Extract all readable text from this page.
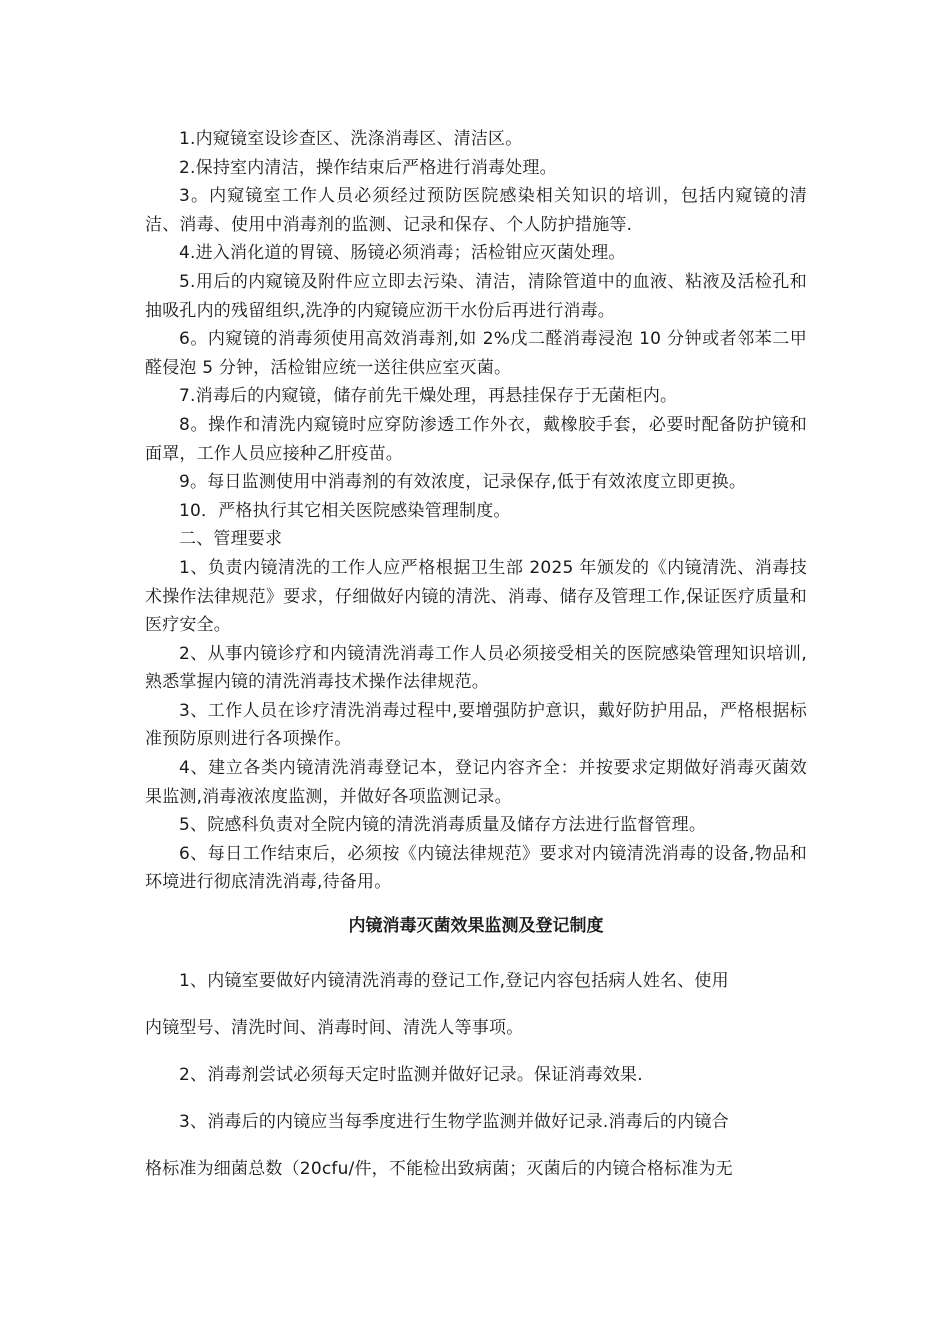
1.内窥镜室设诊查区、洗涤消毒区、清洁区。

2.保持室内清洁，操作结束后严格进行消毒处理。

3。内窥镜室工作人员必须经过预防医院感染相关知识的培训，包括内窥镜的清洁、消毒、使用中消毒剂的监测、记录和保存、个人防护措施等.

4.进入消化道的胃镜、肠镜必须消毒；活检钳应灭菌处理。

5.用后的内窥镜及附件应立即去污染、清洁，清除管道中的血液、粘液及活检孔和抽吸孔内的残留组织,洗净的内窥镜应沥干水份后再进行消毒。

6。内窥镜的消毒须使用高效消毒剂,如 2%戊二醛消毒浸泡 10 分钟或者邻苯二甲醛侵泡 5 分钟，活检钳应统一送往供应室灭菌。

7.消毒后的内窥镜，储存前先干燥处理，再悬挂保存于无菌柜内。

8。操作和清洗内窥镜时应穿防渗透工作外衣，戴橡胶手套，必要时配备防护镜和面罩，工作人员应接种乙肝疫苗。

9。每日监测使用中消毒剂的有效浓度，记录保存,低于有效浓度立即更换。

10．严格执行其它相关医院感染管理制度。

二、管理要求

1、负责内镜清洗的工作人应严格根据卫生部 2025 年颁发的《内镜清洗、消毒技术操作法律规范》要求，仔细做好内镜的清洗、消毒、储存及管理工作,保证医疗质量和医疗安全。

2、从事内镜诊疗和内镜清洗消毒工作人员必须接受相关的医院感染管理知识培训,熟悉掌握内镜的清洗消毒技术操作法律规范。

3、工作人员在诊疗清洗消毒过程中,要增强防护意识，戴好防护用品，严格根据标准预防原则进行各项操作。

4、建立各类内镜清洗消毒登记本，登记内容齐全：并按要求定期做好消毒灭菌效果监测,消毒液浓度监测，并做好各项监测记录。

5、院感科负责对全院内镜的清洗消毒质量及储存方法进行监督管理。

6、每日工作结束后，必须按《内镜法律规范》要求对内镜清洗消毒的设备,物品和环境进行彻底清洗消毒,待备用。

内镜消毒灭菌效果监测及登记制度

1、内镜室要做好内镜清洗消毒的登记工作,登记内容包括病人姓名、使用

内镜型号、清洗时间、消毒时间、清洗人等事项。

2、消毒剂尝试必须每天定时监测并做好记录。保证消毒效果.

3、消毒后的内镜应当每季度进行生物学监测并做好记录.消毒后的内镜合

格标准为细菌总数（20cfu/件，不能检出致病菌；灭菌后的内镜合格标准为无
